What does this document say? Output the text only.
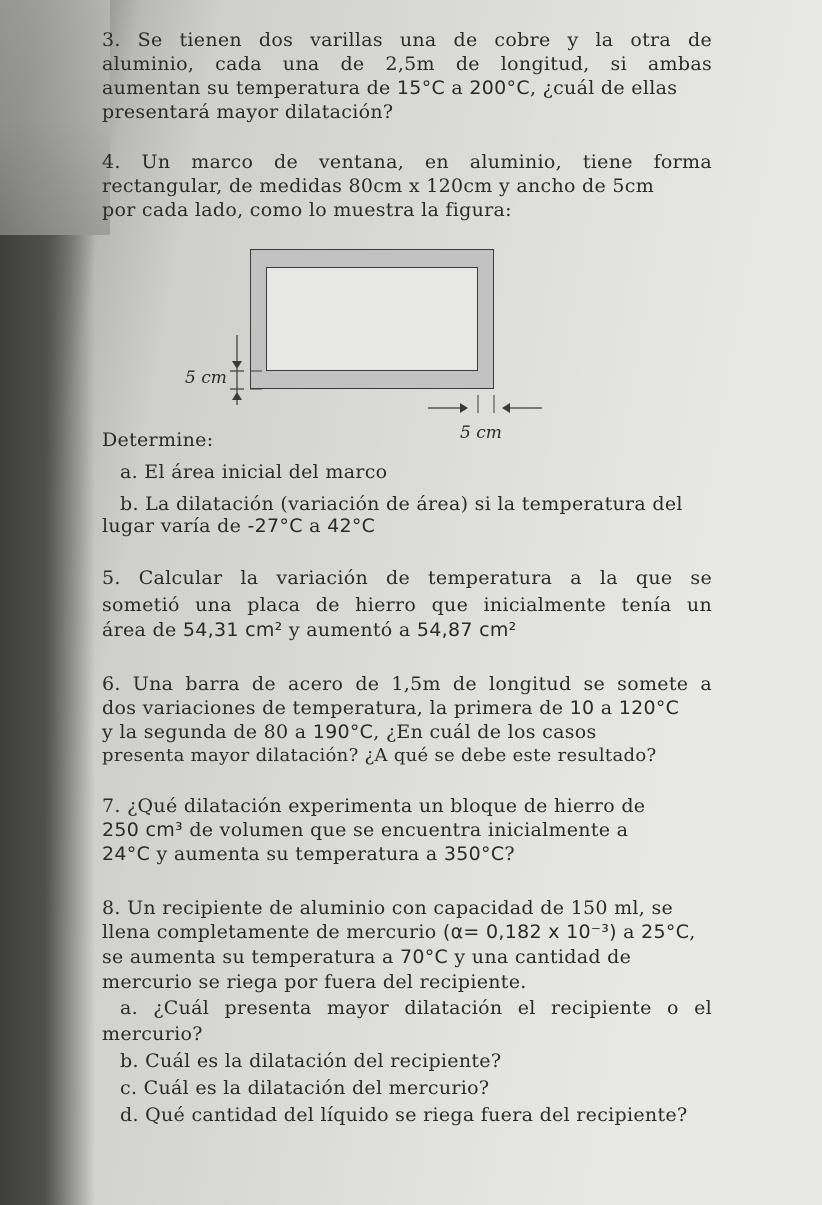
3. Se tienen dos varillas una de cobre y la otra de
aluminio, cada una de 2,5m de longitud, si ambas
aumentan su temperatura de 15°C a 200°C, ¿cuál de ellas
presentará mayor dilatación?
4. Un marco de ventana, en aluminio, tiene forma
rectangular, de medidas 80cm x 120cm y ancho de 5cm
por cada lado, como lo muestra la figura:
5 cm
5 cm
Determine:
a. El área inicial del marco
b. La dilatación (variación de área) si la temperatura del
lugar varía de -27°C a 42°C
5. Calcular la variación de temperatura a la que se
sometió una placa de hierro que inicialmente tenía un
área de 54,31 cm² y aumentó a 54,87 cm²
6. Una barra de acero de 1,5m de longitud se somete a
dos variaciones de temperatura, la primera de 10 a 120°C
y la segunda de 80 a 190°C, ¿En cuál de los casos
presenta mayor dilatación? ¿A qué se debe este resultado?
7. ¿Qué dilatación experimenta un bloque de hierro de
250 cm³ de volumen que se encuentra inicialmente a
24°C y aumenta su temperatura a 350°C?
8. Un recipiente de aluminio con capacidad de 150 ml, se
llena completamente de mercurio (α= 0,182 x 10⁻³) a 25°C,
se aumenta su temperatura a 70°C y una cantidad de
mercurio se riega por fuera del recipiente.
a. ¿Cuál presenta mayor dilatación el recipiente o el
mercurio?
b. Cuál es la dilatación del recipiente?
c. Cuál es la dilatación del mercurio?
d. Qué cantidad del líquido se riega fuera del recipiente?
